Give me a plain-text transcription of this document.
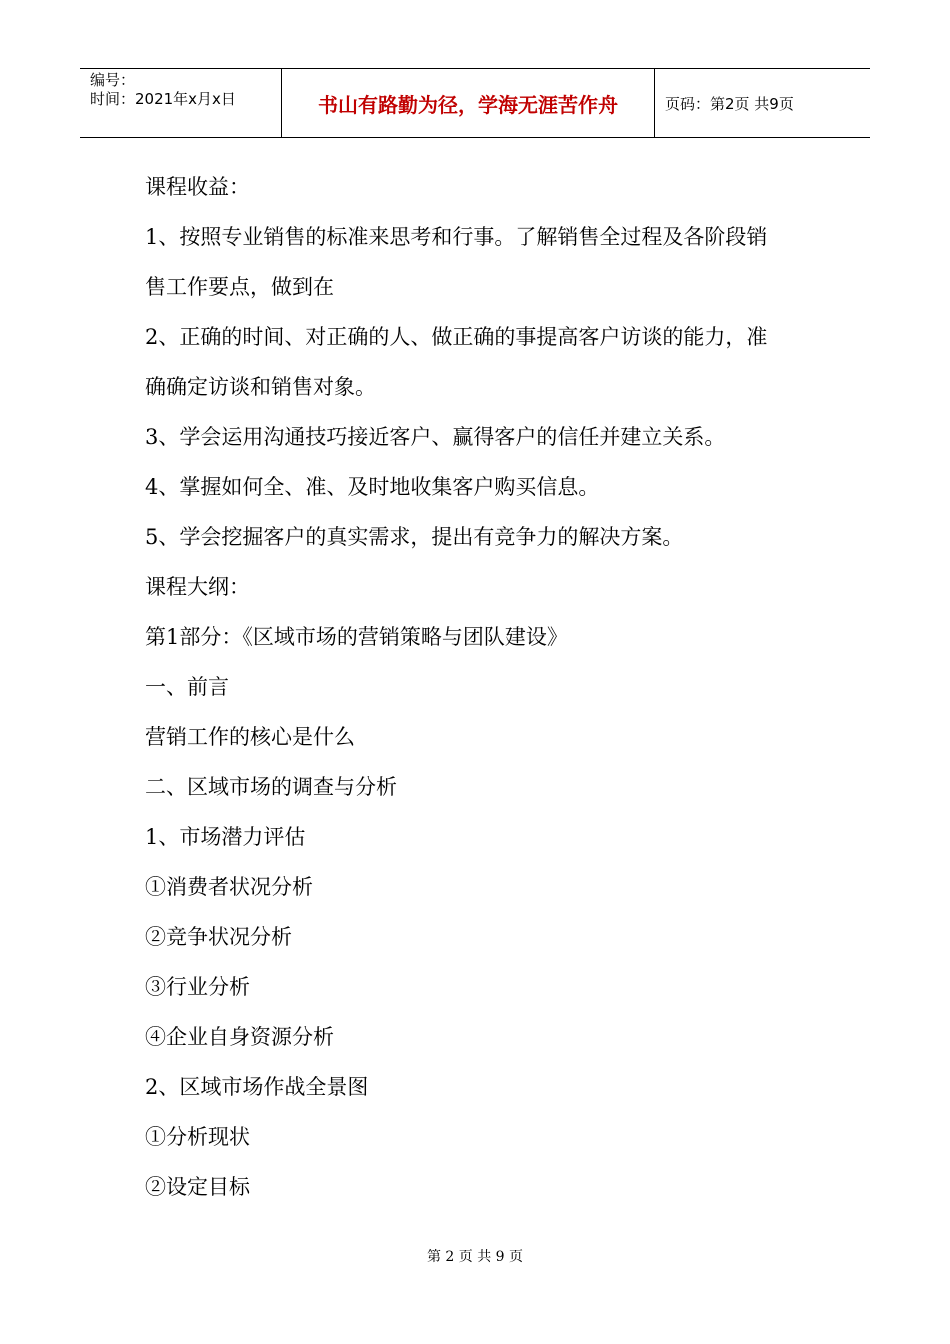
编号：
时间：2021年x月x日	书山有路勤为径，学海无涯苦作舟	页码：第2页 共9页

课程收益：

1、按照专业销售的标准来思考和行事。了解销售全过程及各阶段销

售工作要点，做到在

2、正确的时间、对正确的人、做正确的事提高客户访谈的能力，准

确确定访谈和销售对象。

3、学会运用沟通技巧接近客户、赢得客户的信任并建立关系。

4、掌握如何全、准、及时地收集客户购买信息。

5、学会挖掘客户的真实需求，提出有竞争力的解决方案。

课程大纲：

第1部分：《区域市场的营销策略与团队建设》

一、前言

营销工作的核心是什么

二、区域市场的调查与分析

1、市场潜力评估

①消费者状况分析

②竞争状况分析

③行业分析

④企业自身资源分析

2、区域市场作战全景图

①分析现状

②设定目标

第 2 页 共 9 页
